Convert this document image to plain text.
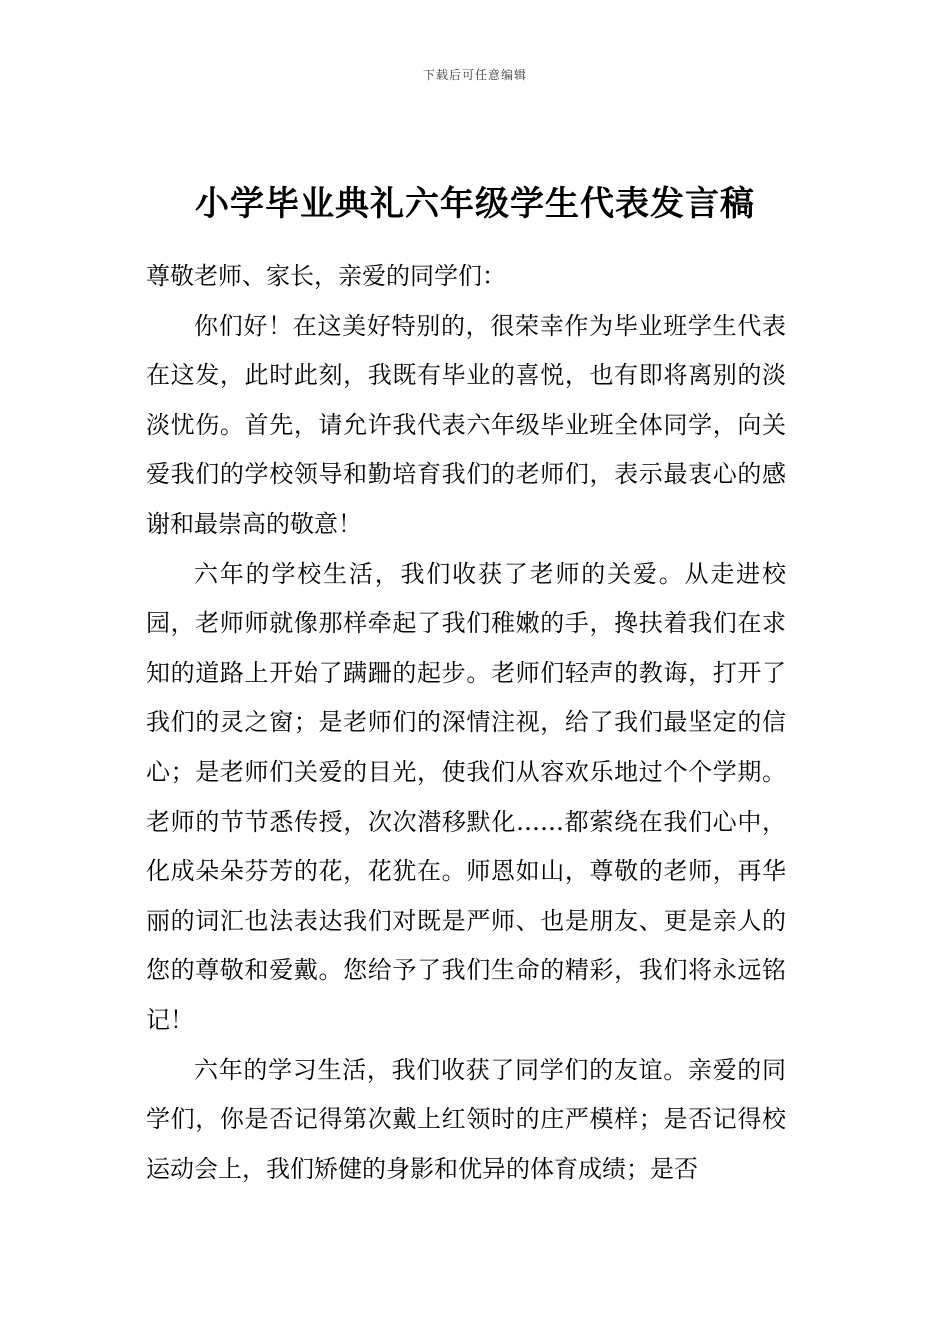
下载后可任意编辑
小学毕业典礼六年级学生代表发言稿

尊敬老师、家长，亲爱的同学们：

你们好！在这美好特别的，很荣幸作为毕业班学生代表在这发，此时此刻，我既有毕业的喜悦，也有即将离别的淡淡忧伤。首先，请允许我代表六年级毕业班全体同学，向关爱我们的学校领导和勤培育我们的老师们，表示最衷心的感谢和最崇高的敬意！

六年的学校生活，我们收获了老师的关爱。从走进校园，老师师就像那样牵起了我们稚嫩的手，搀扶着我们在求知的道路上开始了蹒跚的起步。老师们轻声的教诲，打开了我们的灵之窗；是老师们的深情注视，给了我们最坚定的信心；是老师们关爱的目光，使我们从容欢乐地过个个学期。老师的节节悉传授，次次潜移默化……都萦绕在我们心中，化成朵朵芬芳的花，花犹在。师恩如山，尊敬的老师，再华丽的词汇也法表达我们对既是严师、也是朋友、更是亲人的您的尊敬和爱戴。您给予了我们生命的精彩，我们将永远铭记！

六年的学习生活，我们收获了同学们的友谊。亲爱的同学们，你是否记得第次戴上红领时的庄严模样；是否记得校运动会上，我们矫健的身影和优异的体育成绩；是否
